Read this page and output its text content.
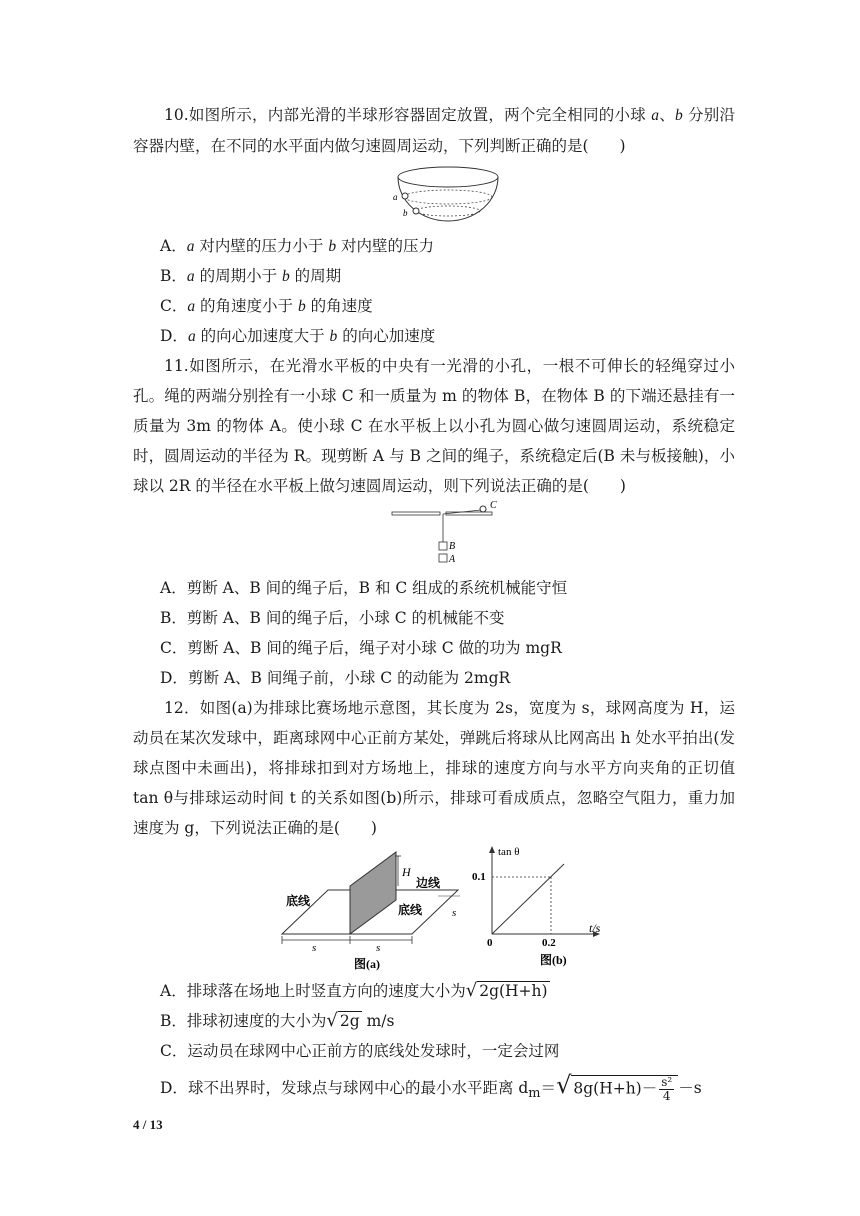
10.如图所示，内部光滑的半球形容器固定放置，两个完全相同的小球 a、b 分别沿容器内壁，在不同的水平面内做匀速圆周运动，下列判断正确的是(　　)
a
b
A．a 对内壁的压力小于 b 对内壁的压力
B．a 的周期小于 b 的周期
C．a 的角速度小于 b 的角速度
D．a 的向心加速度大于 b 的向心加速度
11.如图所示，在光滑水平板的中央有一光滑的小孔，一根不可伸长的轻绳穿过小孔。绳的两端分别拴有一小球 C 和一质量为 m 的物体 B，在物体 B 的下端还悬挂有一质量为 3m 的物体 A。使小球 C 在水平板上以小孔为圆心做匀速圆周运动，系统稳定时，圆周运动的半径为 R。现剪断 A 与 B 之间的绳子，系统稳定后(B 未与板接触)，小球以 2R 的半径在水平板上做匀速圆周运动，则下列说法正确的是(　　)
C
B
A
A．剪断 A、B 间的绳子后，B 和 C 组成的系统机械能守恒
B．剪断 A、B 间的绳子后，小球 C 的机械能不变
C．剪断 A、B 间的绳子后，绳子对小球 C 做的功为 mgR
D．剪断 A、B 间绳子前，小球 C 的动能为 2mgR
12．如图(a)为排球比赛场地示意图，其长度为 2s，宽度为 s，球网高度为 H，运动员在某次发球中，距离球网中心正前方某处，弹跳后将球从比网高出 h 处水平拍出(发球点图中未画出)，将排球扣到对方场地上，排球的速度方向与水平方向夹角的正切值 tan θ与排球运动时间 t 的关系如图(b)所示，排球可看成质点，忽略空气阻力，重力加速度为 g，下列说法正确的是(　　)
H
边线
底线
底线	s
s	s
图(a)
tan θ
t/s
0.1
0	0.2
图(b)
A．排球落在场地上时竖直方向的速度大小为√ 2g(H+h)
B．排球初速度的大小为√ 2g m/s
C．运动员在球网中心正前方的底线处发球时，一定会过网
D．球不出界时，发球点与球网中心的最小水平距离 $d_m=√$ $8g(H+h)- \frac{\text{s²}}{4} -s$
4 / 13
